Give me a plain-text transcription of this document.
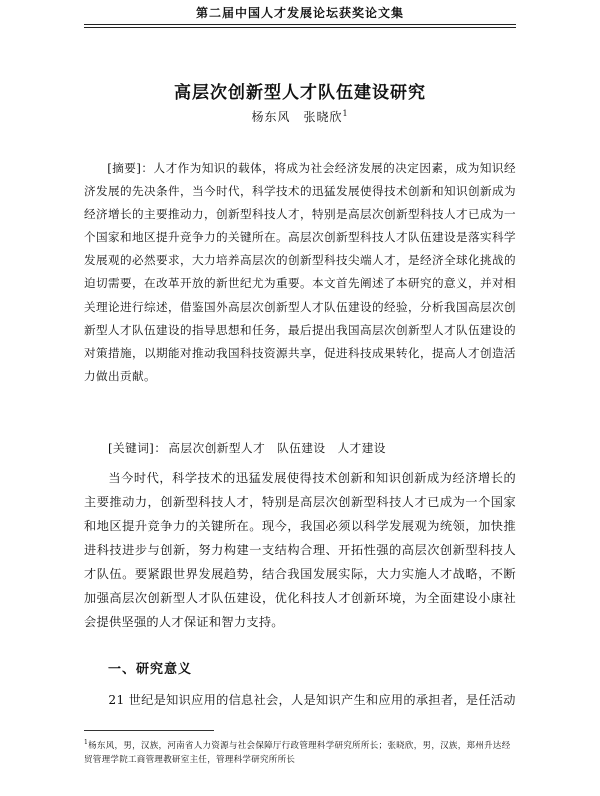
第二届中国人才发展论坛获奖论文集
高层次创新型人才队伍建设研究
杨东风　张晓欣$^1$
[摘要]：人才作为知识的载体，将成为社会经济发展的决定因素，成为知识经济发展的先决条件，当今时代，科学技术的迅猛发展使得技术创新和知识创新成为经济增长的主要推动力，创新型科技人才，特别是高层次创新型科技人才已成为一个国家和地区提升竞争力的关键所在。高层次创新型科技人才队伍建设是落实科学发展观的必然要求，大力培养高层次的创新型科技尖端人才，是经济全球化挑战的迫切需要，在改革开放的新世纪尤为重要。本文首先阐述了本研究的意义，并对相关理论进行综述，借鉴国外高层次创新型人才队伍建设的经验，分析我国高层次创新型人才队伍建设的指导思想和任务，最后提出我国高层次创新型人才队伍建设的对策措施，以期能对推动我国科技资源共享，促进科技成果转化，提高人才创造活力做出贡献。
[关键词]： 高层次创新型人才 队伍建设 人才建设
当今时代，科学技术的迅猛发展使得技术创新和知识创新成为经济增长的主要推动力，创新型科技人才，特别是高层次创新型科技人才已成为一个国家和地区提升竞争力的关键所在。现今，我国必须以科学发展观为统领，加快推进科技进步与创新，努力构建一支结构合理、开拓性强的高层次创新型科技人才队伍。要紧跟世界发展趋势，结合我国发展实际，大力实施人才战略，不断加强高层次创新型人才队伍建设，优化科技人才创新环境，为全面建设小康社会提供坚强的人才保证和智力支持。
一、研究意义
21 世纪是知识应用的信息社会，人是知识产生和应用的承担者，是任活动
$^1$杨东风，男，汉族，河南省人力资源与社会保障厅行政管理科学研究所所长；张晓欣，男，汉族，郑州升达经贸管理学院工商管理教研室主任，管理科学研究所所长
